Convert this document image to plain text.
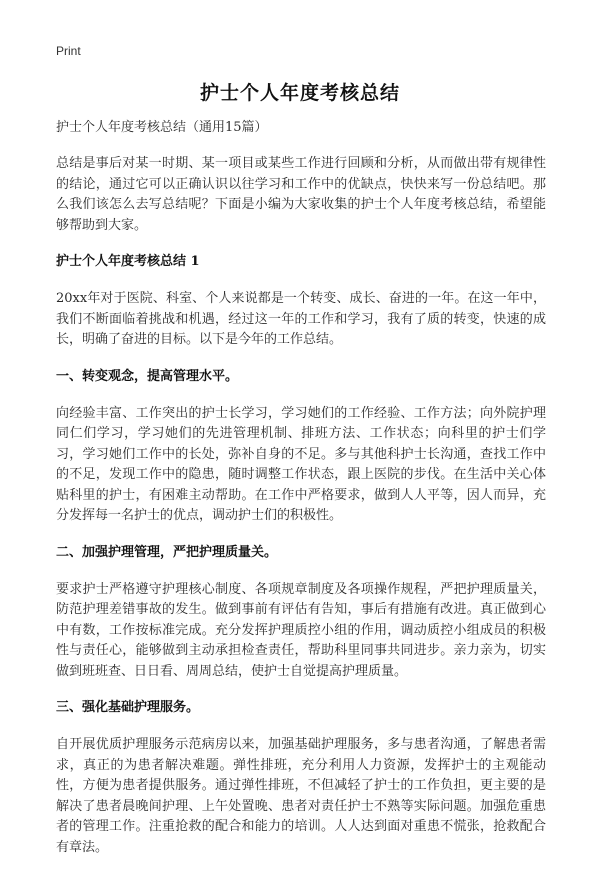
Print
护士个人年度考核总结

护士个人年度考核总结（通用15篇）

总结是事后对某一时期、某一项目或某些工作进行回顾和分析，从而做出带有规律性的结论，通过它可以正确认识以往学习和工作中的优缺点，快快来写一份总结吧。那么我们该怎么去写总结呢？下面是小编为大家收集的护士个人年度考核总结，希望能够帮助到大家。

护士个人年度考核总结 1

20xx年对于医院、科室、个人来说都是一个转变、成长、奋进的一年。在这一年中，我们不断面临着挑战和机遇，经过这一年的工作和学习，我有了质的转变，快速的成长，明确了奋进的目标。以下是今年的工作总结。

一、转变观念，提高管理水平。

向经验丰富、工作突出的护士长学习，学习她们的工作经验、工作方法；向外院护理同仁们学习，学习她们的先进管理机制、排班方法、工作状态；向科里的护士们学习，学习她们工作中的长处，弥补自身的不足。多与其他科护士长沟通，查找工作中的不足，发现工作中的隐患，随时调整工作状态，跟上医院的步伐。在生活中关心体贴科里的护士，有困难主动帮助。在工作中严格要求，做到人人平等，因人而异，充分发挥每一名护士的优点，调动护士们的积极性。

二、加强护理管理，严把护理质量关。

要求护士严格遵守护理核心制度、各项规章制度及各项操作规程，严把护理质量关，防范护理差错事故的发生。做到事前有评估有告知，事后有措施有改进。真正做到心中有数，工作按标准完成。充分发挥护理质控小组的作用，调动质控小组成员的积极性与责任心，能够做到主动承担检查责任，帮助科里同事共同进步。亲力亲为，切实做到班班查、日日看、周周总结，使护士自觉提高护理质量。

三、强化基础护理服务。

自开展优质护理服务示范病房以来，加强基础护理服务，多与患者沟通，了解患者需求，真正的为患者解决难题。弹性排班，充分利用人力资源，发挥护士的主观能动性，方便为患者提供服务。通过弹性排班，不但减轻了护士的工作负担，更主要的是解决了患者晨晚间护理、上午处置晚、患者对责任护士不熟等实际问题。加强危重患者的管理工作。注重抢救的配合和能力的培训。人人达到面对重患不慌张，抢救配合有章法。
